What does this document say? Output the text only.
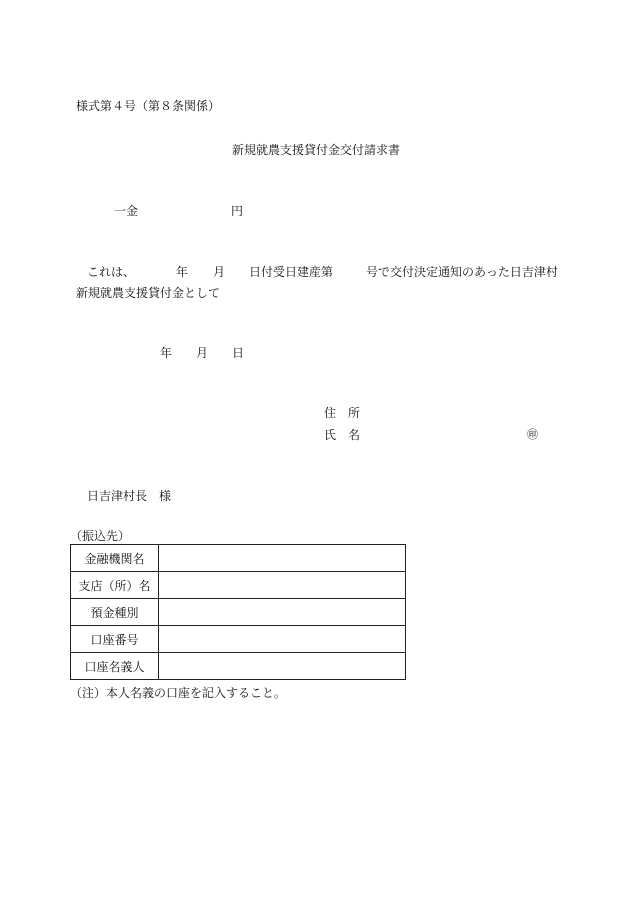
様式第４号（第８条関係）
新規就農支援貸付金交付請求書
一金	円
これは、	年 月 日付受日建産第	号で交付決定通知のあった日吉津村
新規就農支援貸付金として
年 月 日
住　所
氏　名	㊞
日吉津村長　様
（振込先）
金融機関名	
支店（所）名	
預金種別	
口座番号	
口座名義人	
（注）本人名義の口座を記入すること。
